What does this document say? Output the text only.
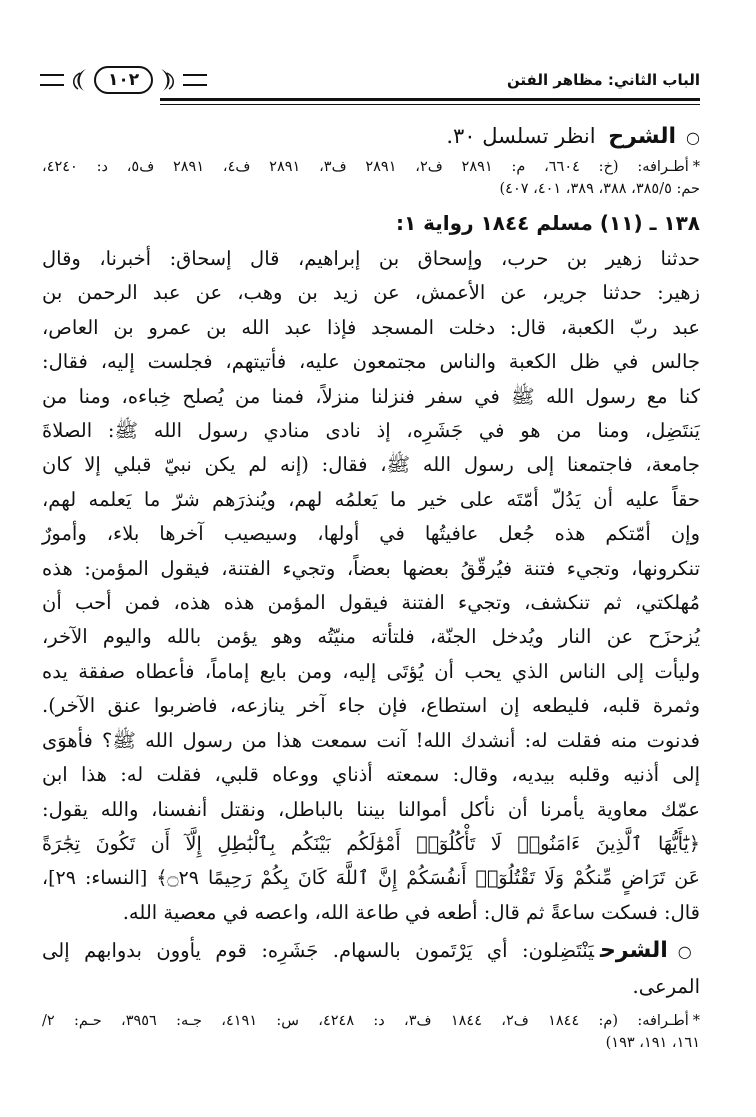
الباب الثاني: مظاهر الفتن
١٠٢
○الشرح انظر تسلسل ٣٠.
*أطـراف‍ه: (خ: ٦٦٠٤، م: ٢٨٩١ ف٢، ٢٨٩١ ف٣، ٢٨٩١ ف٤، ٢٨٩١ ف٥، د: ٤٢٤٠،
حم: ٣٨٥/٥، ٣٨٨، ٣٨٩، ٤٠١، ٤٠٧)
١٣٨ ـ (١١) مسلم ١٨٤٤ رواية ١:
حدثنا زهير بن حرب، وإسحاق بن إبراهيم، قال إسحاق: أخبرنا، وقال
زهير: حدثنا جرير، عن الأعمش، عن زيد بن وهب، عن عبد الرحمن بن
عبد ربّ الكعبة، قال: دخلت المسجد فإذا عبد الله بن عمرو بن العاص،
جالس في ظل الكعبة والناس مجتمعون عليه، فأتيتهم، فجلست إليه، فقال:
كنا مع رسول الله ﷺ في سفر فنزلنا منزلاً، فمنا من يُصلح خِباءه، ومنا من
يَنتَضِل، ومنا من هو في جَشَرِه، إذ نادى منادي رسول الله ﷺ: الصلاةَ
جامعة، فاجتمعنا إلى رسول الله ﷺ، فقال: (إنه لم يكن نبيّ قبلي إلا كان
حقاً عليه أن يَدُلّ أمّتَه على خير ما يَعلمُه لهم، ويُنذرَهم شرّ ما يَعلمه لهم،
وإن أمّتكم هذه جُعل عافيتُها في أولها، وسيصيب آخرها بلاء، وأمورٌ
تنكرونها، وتجيء فتنة فيُرقّقُ بعضها بعضاً، وتجيء الفتنة، فيقول المؤمن: هذه
مُهلكتي، ثم تنكشف، وتجيء الفتنة فيقول المؤمن هذه هذه، فمن أحب أن
يُزحزَح عن النار ويُدخل الجنّة، فلتأته منيّتُه وهو يؤمن بالله واليوم الآخر،
وليأت إلى الناس الذي يحب أن يُؤتَى إليه، ومن بايع إماماً، فأعطاه صفقة يده
وثمرة قلبه، فليطعه إن استطاع، فإن جاء آخر ينازعه، فاضربوا عنق الآخر).
فدنوت منه فقلت له: أنشدك الله! آنت سمعت هذا من رسول الله ﷺ؟ فأهوَى
إلى أذنيه وقلبه بيديه، وقال: سمعته أذناي ووعاه قلبي، فقلت له: هذا ابن
عمّك معاوية يأمرنا أن نأكل أموالنا بيننا بالباطل، ونقتل أنفسنا، والله يقول:
﴿يَٰٓأَيُّهَا ٱلَّذِينَ ءَامَنُوا۟ لَا تَأْكُلُوٓا۟ أَمْوَٰلَكُم بَيْنَكُم بِٱلْبَٰطِلِ إِلَّآ أَن تَكُونَ تِجَٰرَةً
عَن تَرَاضٍ مِّنكُمْ وَلَا تَقْتُلُوٓا۟ أَنفُسَكُمْ إِنَّ ٱللَّهَ كَانَ بِكُمْ رَحِيمًا ۝٢٩﴾ [النساء: ٢٩]،
قال: فسكت ساعةً ثم قال: أطعه في طاعة الله، واعصه في معصية الله.
○الشرحيَنْتَضِلون: أي يَرْتَمون بالسهام. جَشَرِه: قوم يأوون بدوابهم إلى
المرعى.
*أطـراف‍ه: (م: ١٨٤٤ ف٢، ١٨٤٤ ف٣، د: ٤٢٤٨، س: ٤١٩١، جـه: ٣٩٥٦، حـم: ٢/
١٦١، ١٩١، ١٩٣)
